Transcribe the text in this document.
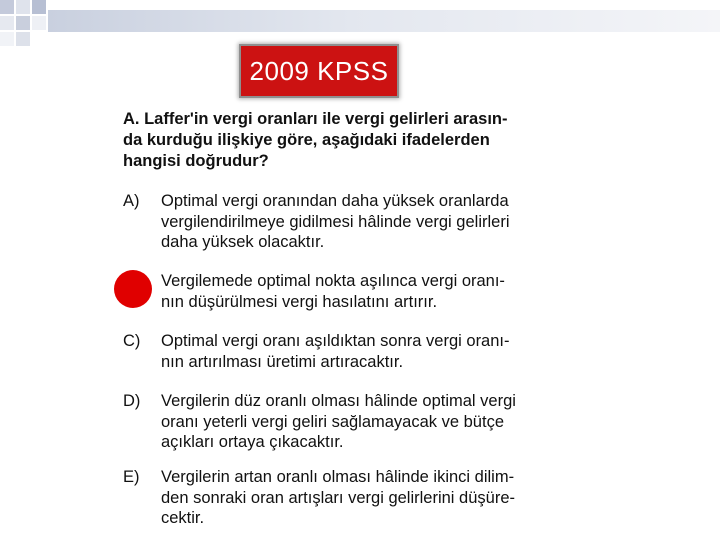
2009 KPSS
A. Laffer'in vergi oranları ile vergi gelirleri arasın-
da kurduğu ilişkiye göre, aşağıdaki ifadelerden
hangisi doğrudur?
A)	Optimal vergi oranından daha yüksek oranlarda
vergilendirilmeye gidilmesi hâlinde vergi gelirleri
daha yüksek olacaktır.
Vergilemede optimal nokta aşılınca vergi oranı-
nın düşürülmesi vergi hasılatını artırır.
C)	Optimal vergi oranı aşıldıktan sonra vergi oranı-
nın artırılması üretimi artıracaktır.
D)	Vergilerin düz oranlı olması hâlinde optimal vergi
oranı yeterli vergi geliri sağlamayacak ve bütçe
açıkları ortaya çıkacaktır.
E)	Vergilerin artan oranlı olması hâlinde ikinci dilim-
den sonraki oran artışları vergi gelirlerini düşüre-
cektir.
